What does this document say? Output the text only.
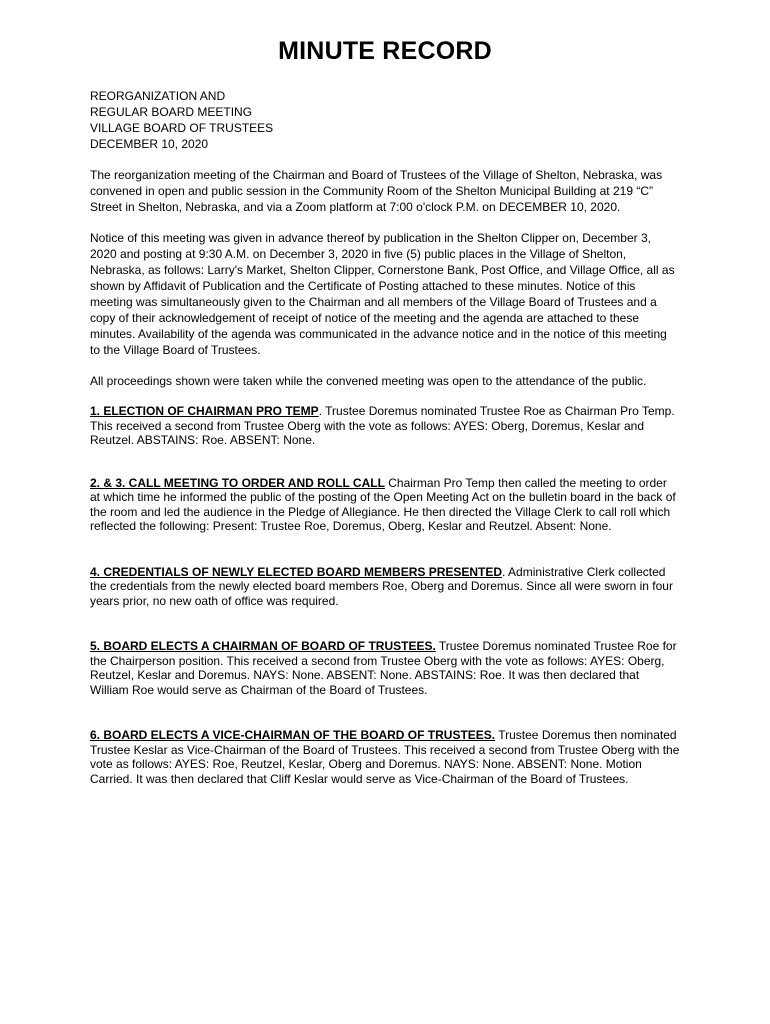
MINUTE RECORD
REORGANIZATION AND
REGULAR BOARD MEETING
VILLAGE BOARD OF TRUSTEES
DECEMBER 10, 2020

The reorganization meeting of the Chairman and Board of Trustees of the Village of Shelton, Nebraska, was convened in open and public session in the Community Room of the Shelton Municipal Building at 219 “C” Street in Shelton, Nebraska, and via a Zoom platform at 7:00 o'clock P.M. on DECEMBER 10, 2020.

Notice of this meeting was given in advance thereof by publication in the Shelton Clipper on, December 3, 2020 and posting at 9:30 A.M. on December 3, 2020 in five (5) public places in the Village of Shelton, Nebraska, as follows: Larry's Market, Shelton Clipper, Cornerstone Bank, Post Office, and Village Office, all as shown by Affidavit of Publication and the Certificate of Posting attached to these minutes. Notice of this meeting was simultaneously given to the Chairman and all members of the Village Board of Trustees and a copy of their acknowledgement of receipt of notice of the meeting and the agenda are attached to these minutes. Availability of the agenda was communicated in the advance notice and in the notice of this meeting to the Village Board of Trustees.

All proceedings shown were taken while the convened meeting was open to the attendance of the public.

1. ELECTION OF CHAIRMAN PRO TEMP. Trustee Doremus nominated Trustee Roe as Chairman Pro Temp. This received a second from Trustee Oberg with the vote as follows: AYES: Oberg, Doremus, Keslar and Reutzel. ABSTAINS: Roe. ABSENT: None.

2. & 3. CALL MEETING TO ORDER AND ROLL CALL Chairman Pro Temp then called the meeting to order at which time he informed the public of the posting of the Open Meeting Act on the bulletin board in the back of the room and led the audience in the Pledge of Allegiance. He then directed the Village Clerk to call roll which reflected the following: Present: Trustee Roe, Doremus, Oberg, Keslar and Reutzel. Absent: None.

4. CREDENTIALS OF NEWLY ELECTED BOARD MEMBERS PRESENTED. Administrative Clerk collected the credentials from the newly elected board members Roe, Oberg and Doremus. Since all were sworn in four years prior, no new oath of office was required.

5. BOARD ELECTS A CHAIRMAN OF BOARD OF TRUSTEES. Trustee Doremus nominated Trustee Roe for the Chairperson position. This received a second from Trustee Oberg with the vote as follows: AYES: Oberg, Reutzel, Keslar and Doremus. NAYS: None. ABSENT: None. ABSTAINS: Roe. It was then declared that William Roe would serve as Chairman of the Board of Trustees.

6. BOARD ELECTS A VICE-CHAIRMAN OF THE BOARD OF TRUSTEES. Trustee Doremus then nominated Trustee Keslar as Vice-Chairman of the Board of Trustees. This received a second from Trustee Oberg with the vote as follows: AYES: Roe, Reutzel, Keslar, Oberg and Doremus. NAYS: None. ABSENT: None. Motion Carried. It was then declared that Cliff Keslar would serve as Vice-Chairman of the Board of Trustees.
